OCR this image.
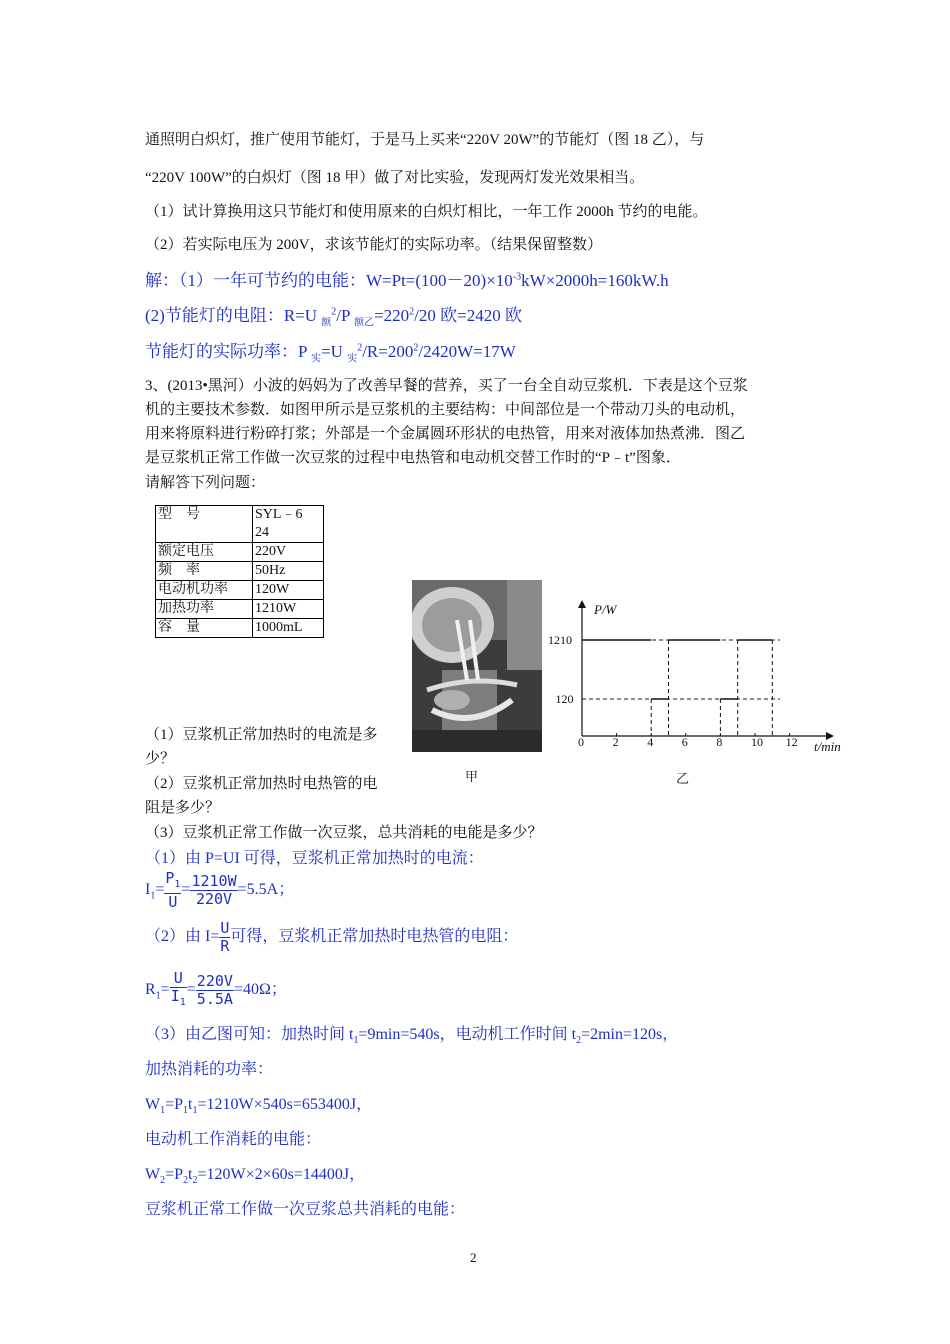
通照明白炽灯，推广使用节能灯，于是马上买来“220V 20W”的节能灯（图 18 乙），与
“220V 100W”的白炽灯（图 18 甲）做了对比实验，发现两灯发光效果相当。
（1）试计算换用这只节能灯和使用原来的白炽灯相比，一年工作 2000h 节约的电能。
（2）若实际电压为 200V，求该节能灯的实际功率。（结果保留整数）
解：（1）一年可节约的电能：$W=Pt=(100-20)\times 10^{-3}kW\times 2000h=160kW.h$
(2)节能灯的电阻：R=U $_额^2$/P $_{额乙}=220^2/20$ 欧=2420 欧
节能灯的实际功率：P $_实$=U $_实^2/R=200^2/2420W=17W$
3、(2013•黑河）小波的妈妈为了改善早餐的营养，买了一台全自动豆浆机．下表是这个豆浆
机的主要技术参数．如图甲所示是豆浆机的主要结构：中间部位是一个带动刀头的电动机，
用来将原料进行粉碎打浆；外部是一个金属圆环形状的电热管，用来对液体加热煮沸．图乙
是豆浆机正常工作做一次豆浆的过程中电热管和电动机交替工作时的“P﹣t”图象．
请解答下列问题：
型　号	SYL﹣624
额定电压	220V
频　率	50Hz
电动机功率	120W
加热功率	1210W
容　量	1000mL
P/W
t/min
0 2 4 6 8 10 12
120
1210
甲	乙
（1）豆浆机正常加热时的电流是多
少？
（2）豆浆机正常加热时电热管的电
阻是多少？
（3）豆浆机正常工作做一次豆浆，总共消耗的电能是多少？
（1）由 P=UI 可得，豆浆机正常加热时的电流：
$I_1= \frac{P_1}{U} = \frac{1210W}{220V} =5.5A$；
（2）由 $I= \frac{U}{R}$ 可得，豆浆机正常加热时电热管的电阻：
$R_1= \frac{U}{I_1} = \frac{220V}{5.5A} =40\Omega$；
（3）由乙图可知：加热时间 $t_1=9\min=540s$，电动机工作时间 $t_2=2\min=120s$，
加热消耗的功率：
$W_1=P_1t_1=1210W\times 540s=653400J$，
电动机工作消耗的电能：
$W_2=P_2t_2=120W\times 2\times 60s=14400J$，
豆浆机正常工作做一次豆浆总共消耗的电能：
2
